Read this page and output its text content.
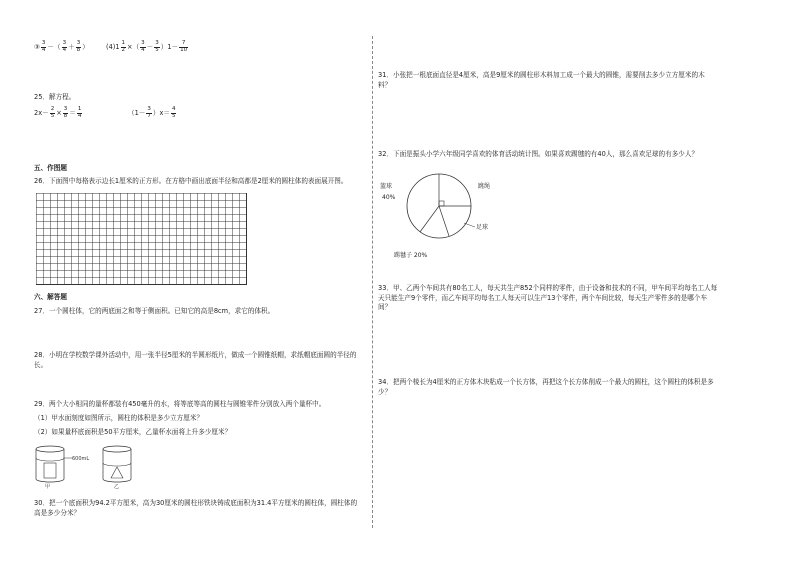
③ $\frac{3}{4}$ －（ $\frac{3}{4} + \frac{3}{8}$ ）	$(4)1 \frac{1}{2}$ ×（ $\frac{3}{4} - \frac{3}{5} )1- \frac{7}{10}$
25．解方程。
$2x- \frac{2}{5} \times \frac{3}{8} = \frac{1}{4}$	$(1- \frac{3}{7} )x= \frac{4}{5}$
五、作图题
26．下面图中每格表示边长1厘米的正方形。在方格中画出底面半径和高都是2厘米的圆柱体的表面展开图。
六、解答题
27．一个圆柱体，它的两底面之和等于侧面积。已知它的高是8cm，求它的体积。
28．小明在学校数学课外活动中，用一张半径5厘米的半圆形纸片，做成一个圆锥纸帽，求纸帽底面圆的半径的长。
29．两个大小相同的量杯都装有450毫升的水，将等底等高的圆柱与圆锥零件分别放入两个量杯中。
（1）甲水面刻度如图所示，圆柱的体积是多少立方厘米？
（2）如果量杯底面积是50平方厘米，乙量杯水面将上升多少厘米？
600mL
甲	乙
30．把一个底面积为94.2平方厘米，高为30厘米的圆柱形铁块铸成底面积为31.4平方厘米的圆柱体，圆柱体的高是多少分米？
31．小张把一根底面直径是4厘米，高是9厘米的圆柱形木料加工成一个最大的圆锥，需要削去多少立方厘米的木料？
32．下面是振头小学六年级同学喜欢的体育活动统计图。如果喜欢踢毽的有40人，那么喜欢足球的有多少人？
篮球
40%
跳绳
足球
踢毽子 20%
33．甲、乙两个车间共有80名工人，每天共生产852个同样的零件，由于设备和技术的不同，甲车间平均每名工人每天只能生产9个零件，而乙车间平均每名工人每天可以生产13个零件，两个车间比较，每天生产零件多的是哪个车间？
34．把两个棱长为4厘米的正方体木块粘成一个长方体，再把这个长方体削成一个最大的圆柱，这个圆柱的体积是多少？
